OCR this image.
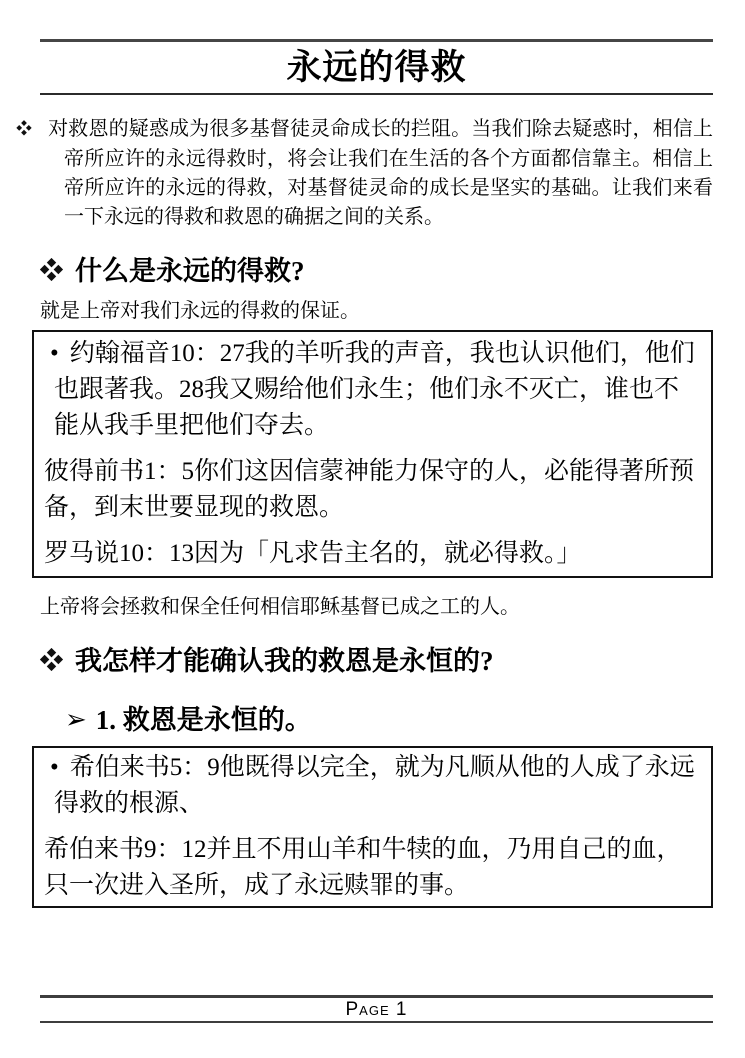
永远的得救
❖ 对救恩的疑惑成为很多基督徒灵命成长的拦阻。当我们除去疑惑时，相信上帝所应许的永远得救时，将会让我们在生活的各个方面都信靠主。相信上帝所应许的永远的得救，对基督徒灵命的成长是坚实的基础。让我们来看一下永远的得救和救恩的确据之间的关系。
❖ 什么是永远的得救?

就是上帝对我们永远的得救的保证。

• 约翰福音10：27我的羊听我的声音，我也认识他们，他们也跟著我。28我又赐给他们永生；他们永不灭亡，谁也不能从我手里把他们夺去。

彼得前书1：5你们这因信蒙神能力保守的人，必能得著所预备，到末世要显现的救恩。

罗马说10：13因为「凡求告主名的，就必得救。」

上帝将会拯救和保全任何相信耶稣基督已成之工的人。

❖ 我怎样才能确认我的救恩是永恒的?
➢ 1. 救恩是永恒的。

• 希伯来书5：9他既得以完全，就为凡顺从他的人成了永远得救的根源、

希伯来书9：12并且不用山羊和牛犊的血，乃用自己的血，只一次进入圣所，成了永远赎罪的事。

Page 1
